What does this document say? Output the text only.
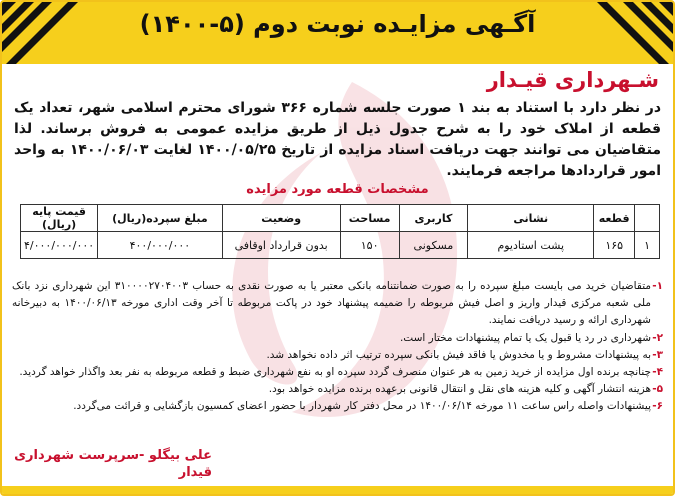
آگـهی مزایـده نوبت دوم (۵-۱۴۰۰)
شـهرداری قیـدار
در نظر دارد با استناد به بند ۱ صورت جلسه شماره ۳۶۶ شورای محترم اسلامی شهر، تعداد یک قطعه از املاک خود را به شرح جدول ذیل از طریق مزایده عمومی به فروش برساند. لذا متقاضیان می توانند جهت دریافت اسناد مزایده از تاریخ ۱۴۰۰/۰۵/۲۵ لغایت ۱۴۰۰/۰۶/۰۳ به واحد امور قراردادها مراجعه فرمایند.
مشخصات قطعه مورد مزایده
	قطعه	نشانی	کاربری	مساحت	وضعیت	مبلغ سپرده(ریال)	قیمت پایه (ریال)
۱	۱۶۵	پشت استادیوم	مسکونی	۱۵۰	بدون قرارداد اوقافی	۴۰۰/۰۰۰/۰۰۰	۴/۰۰۰/۰۰۰/۰۰۰
۱-
متقاضیان خرید می بایست مبلغ سپرده را به صورت ضمانتنامه بانکی معتبر یا به صورت نقدی به حساب ۳۱۰۰۰۰۲۷۰۴۰۰۳ این شهرداری نزد بانک ملی شعبه مرکزی قیدار واریز و اصل فیش مربوطه را ضمیمه پیشنهاد خود در پاکت مربوطه تا آخر وقت اداری مورخه ۱۴۰۰/۰۶/۱۳ به دبیرخانه شهرداری ارائه و رسید دریافت نمایند.
۲-
شهرداری در رد یا قبول یک یا تمام پیشنهادات مختار است.
۳-
به پیشنهادات مشروط و یا مخدوش یا فاقد فیش بانکی سپرده ترتیب اثر داده نخواهد شد.
۴-
چنانچه برنده اول مزایده از خرید زمین به هر عنوان منصرف گردد سپرده او به نفع شهرداری ضبط و قطعه مربوطه به نفر بعد واگذار خواهد گردید.
۵-
هزینه انتشار آگهی و کلیه هزینه های نقل و انتقال قانونی برعهده برنده مزایده خواهد بود.
۶-
پیشنهادات واصله راس ساعت ۱۱ مورخه ۱۴۰۰/۰۶/۱۴ در محل دفتر کار شهردار با حضور اعضای کمسیون بازگشایی و قرائت می‌گردد.
علی بیگلو -سرپرست شهرداری قیدار
